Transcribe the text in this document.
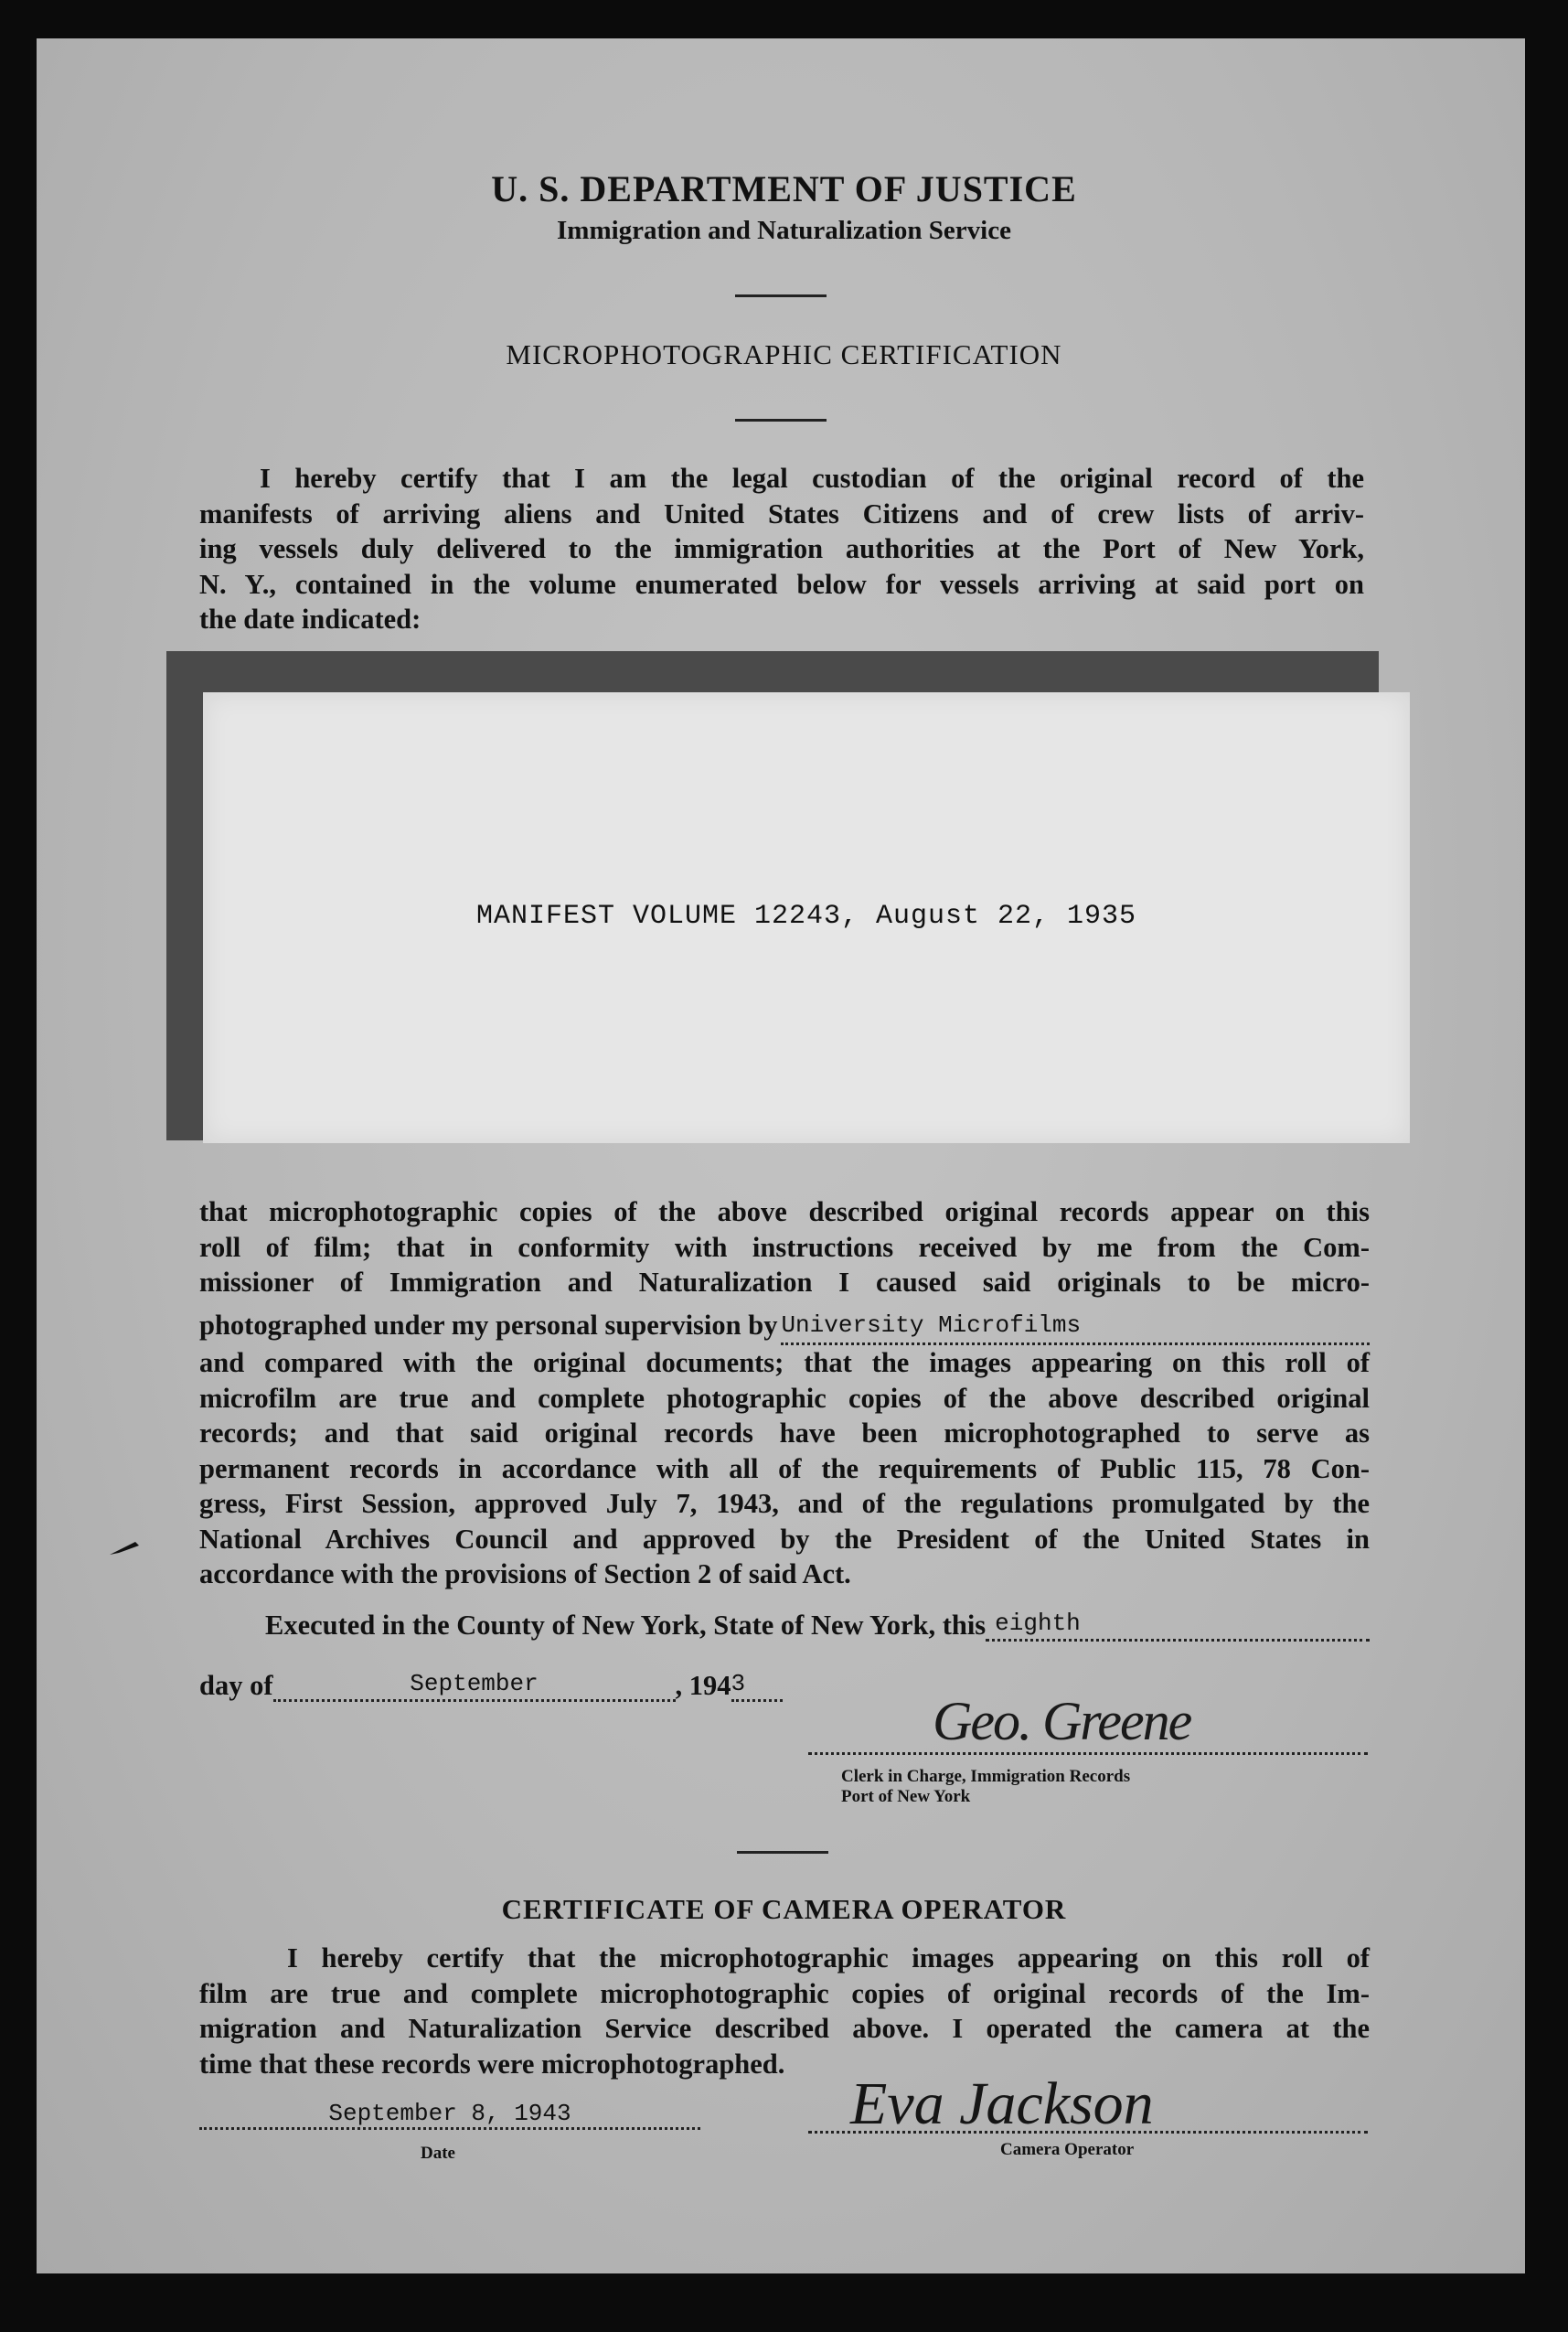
U. S. DEPARTMENT OF JUSTICE
Immigration and Naturalization Service
MICROPHOTOGRAPHIC CERTIFICATION
I hereby certify that I am the legal custodian of the original record of the
manifests of arriving aliens and United States Citizens and of crew lists of arriv-
ing vessels duly delivered to the immigration authorities at the Port of New York,
N. Y., contained in the volume enumerated below for vessels arriving at said port on
the date indicated:
MANIFEST VOLUME 12243, August 22, 1935
that microphotographic copies of the above described original records appear on this
roll of film; that in conformity with instructions received by me from the Com-
missioner of Immigration and Naturalization I caused said originals to be micro-
photographed under my personal supervision by University Microfilms
and compared with the original documents; that the images appearing on this roll of
microfilm are true and complete photographic copies of the above described original
records; and that said original records have been microphotographed to serve as
permanent records in accordance with all of the requirements of Public 115, 78 Con-
gress, First Session, approved July 7, 1943, and of the regulations promulgated by the
National Archives Council and approved by the President of the United States in
accordance with the provisions of Section 2 of said Act.
Executed in the County of New York, State of New York, this eighth
day of	September	, 194 3
Geo. Greene
Clerk in Charge, Immigration Records
Port of New York
CERTIFICATE OF CAMERA OPERATOR
I hereby certify that the microphotographic images appearing on this roll of
film are true and complete microphotographic copies of original records of the Im-
migration and Naturalization Service described above. I operated the camera at the
time that these records were microphotographed.
September 8, 1943
Date
Eva Jackson
Camera Operator
